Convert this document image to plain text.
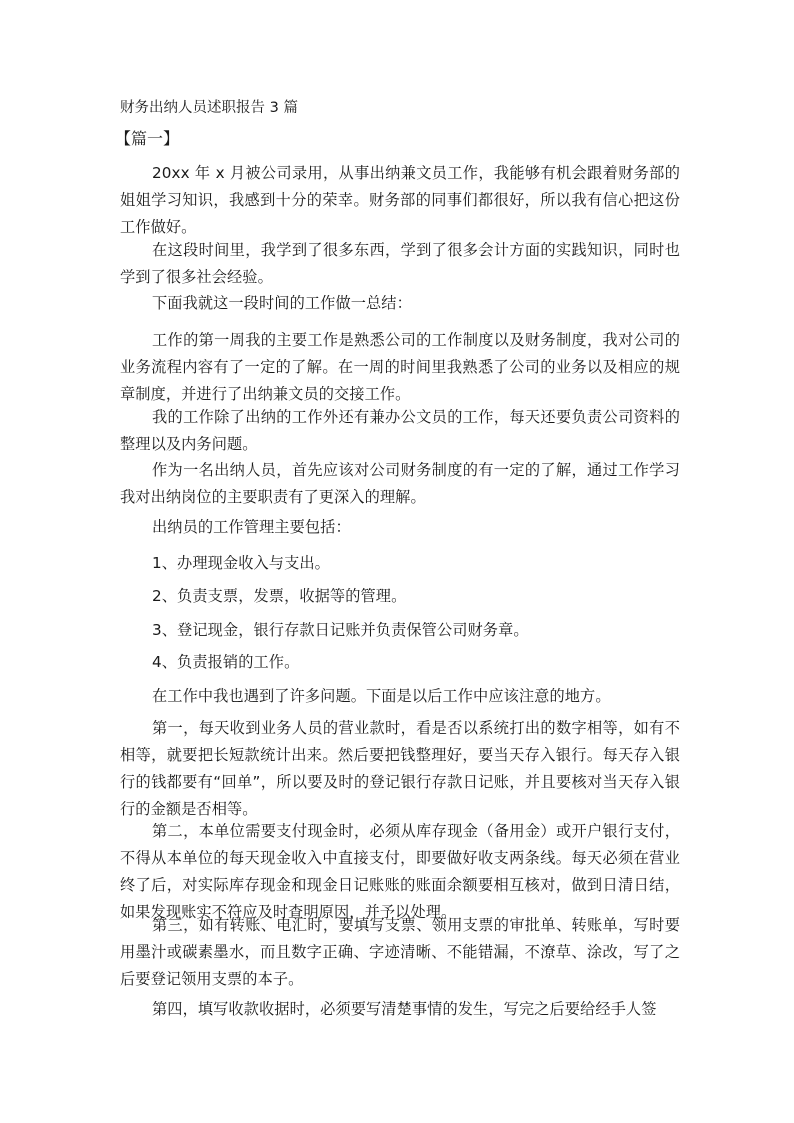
财务出纳人员述职报告 3 篇
【篇一】

20xx 年 x 月被公司录用，从事出纳兼文员工作，我能够有机会跟着财务部的姐姐学习知识，我感到十分的荣幸。财务部的同事们都很好，所以我有信心把这份工作做好。

在这段时间里，我学到了很多东西，学到了很多会计方面的实践知识，同时也学到了很多社会经验。

下面我就这一段时间的工作做一总结：

工作的第一周我的主要工作是熟悉公司的工作制度以及财务制度，我对公司的业务流程内容有了一定的了解。在一周的时间里我熟悉了公司的业务以及相应的规章制度，并进行了出纳兼文员的交接工作。

我的工作除了出纳的工作外还有兼办公文员的工作，每天还要负责公司资料的整理以及内务问题。

作为一名出纳人员，首先应该对公司财务制度的有一定的了解，通过工作学习我对出纳岗位的主要职责有了更深入的理解。

出纳员的工作管理主要包括：

1、办理现金收入与支出。

2、负责支票，发票，收据等的管理。

3、登记现金，银行存款日记账并负责保管公司财务章。

4、负责报销的工作。

在工作中我也遇到了许多问题。下面是以后工作中应该注意的地方。

第一，每天收到业务人员的营业款时，看是否以系统打出的数字相等，如有不相等，就要把长短款统计出来。然后要把钱整理好，要当天存入银行。每天存入银行的钱都要有“回单”，所以要及时的登记银行存款日记账，并且要核对当天存入银行的金额是否相等。

第二，本单位需要支付现金时，必须从库存现金（备用金）或开户银行支付，不得从本单位的每天现金收入中直接支付，即要做好收支两条线。每天必须在营业终了后，对实际库存现金和现金日记账账的账面余额要相互核对，做到日清日结，如果发现账实不符应及时查明原因，并予以处理。

第三，如有转账、电汇时，要填写支票、领用支票的审批单、转账单，写时要用墨汁或碳素墨水，而且数字正确、字迹清晰、不能错漏，不潦草、涂改，写了之后要登记领用支票的本子。

第四，填写收款收据时，必须要写清楚事情的发生，写完之后要给经手人签
